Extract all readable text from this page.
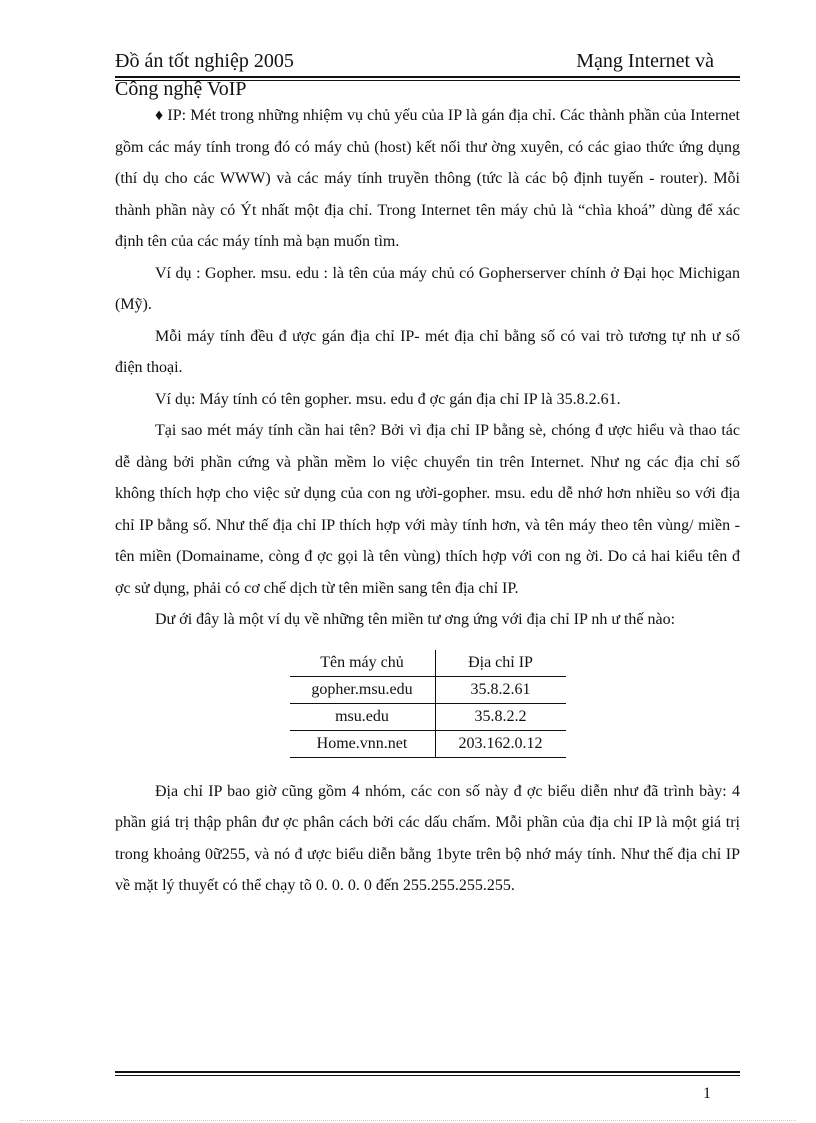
Đồ án tốt nghiệp 2005	Mạng Internet và
Công nghệ VoIP

♦ IP: Mét trong những nhiệm vụ chủ yếu của IP là gán địa chỉ. Các thành phần của Internet gồm các máy tính trong đó có máy chủ (host) kết nối thư ờng xuyên, có các giao thức ứng dụng (thí dụ cho các WWW) và các máy tính truyền thông (tức là các bộ định tuyến - router). Mỗi thành phần này có Ýt nhất một địa chỉ. Trong Internet tên máy chủ là “chìa khoá” dùng để xác định tên của các máy tính mà bạn muốn tìm.

Ví dụ : Gopher. msu. edu : là tên của máy chủ có Gopherserver chính ở Đại học Michigan (Mỹ).

Mỗi máy tính đều đ ược gán địa chỉ IP- mét địa chỉ bằng số có vai trò tương tự nh ư số điện thoại.

Ví dụ: Máy tính có tên gopher. msu. edu đ ợc gán địa chỉ IP là 35.8.2.61.

Tại sao mét máy tính cần hai tên? Bởi vì địa chỉ IP bằng sè, chóng đ ược hiểu và thao tác dễ dàng bởi phần cứng và phần mềm lo việc chuyển tin trên Internet. Như ng các địa chỉ số không thích hợp cho việc sử dụng của con ng ười-gopher. msu. edu dễ nhớ hơn nhiều so với địa chỉ IP bằng số. Như thế địa chỉ IP thích hợp với mày tính hơn, và tên máy theo tên vùng/ miền - tên miền (Domainame, còng đ ợc gọi là tên vùng) thích hợp với con ng ời. Do cả hai kiểu tên đ ợc sử dụng, phải có cơ chế dịch từ tên miền sang tên địa chỉ IP.

Dư ới đây là một ví dụ về những tên miền tư ơng ứng với địa chỉ IP nh ư thế nào:

Tên máy chủ	Địa chỉ IP
gopher.msu.edu	35.8.2.61
msu.edu	35.8.2.2
Home.vnn.net	203.162.0.12

Địa chỉ IP bao giờ cũng gồm 4 nhóm, các con số này đ ợc biểu diễn như đã trình bày: 4 phần giá trị thập phân đư ợc phân cách bởi các dấu chấm. Mỗi phần của địa chỉ IP là một giá trị trong khoảng 0ữ255, và nó đ ược biểu diễn bằng 1byte trên bộ nhớ máy tính. Như thế địa chỉ IP về mặt lý thuyết có thể chạy tõ 0. 0. 0. 0 đến 255.255.255.255.

1
